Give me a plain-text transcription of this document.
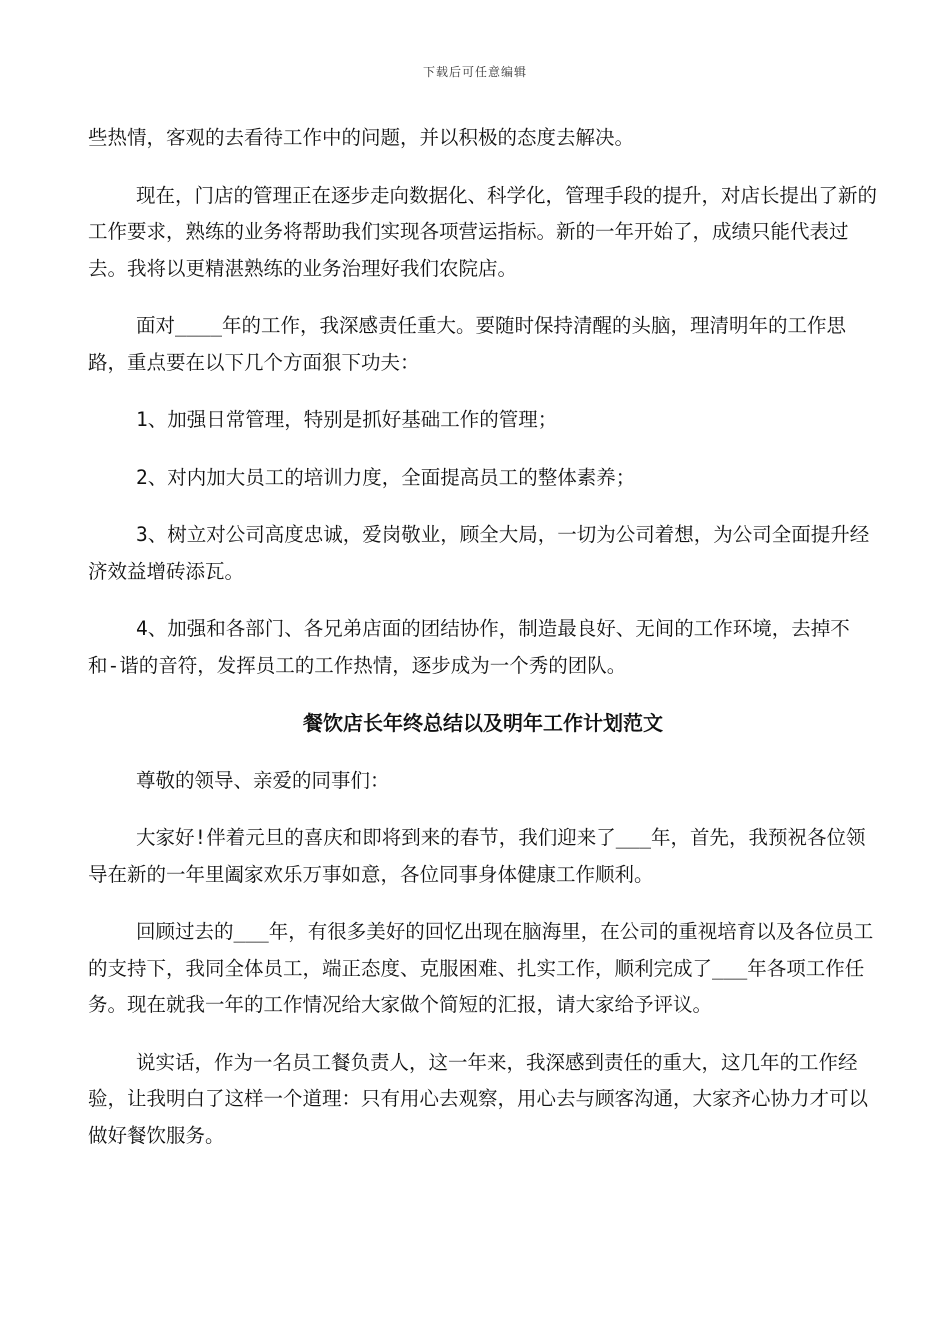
下载后可任意编辑

些热情，客观的去看待工作中的问题，并以积极的态度去解决。

现在，门店的管理正在逐步走向数据化、科学化，管理手段的提升，对店长提出了新的工作要求，熟练的业务将帮助我们实现各项营运指标。新的一年开始了，成绩只能代表过去。我将以更精湛熟练的业务治理好我们农院店。

面对____年的工作，我深感责任重大。要随时保持清醒的头脑，理清明年的工作思路，重点要在以下几个方面狠下功夫：

1、加强日常管理，特别是抓好基础工作的管理；

2、对内加大员工的培训力度，全面提高员工的整体素养；

3、树立对公司高度忠诚，爱岗敬业，顾全大局，一切为公司着想，为公司全面提升经济效益增砖添瓦。

4、加强和各部门、各兄弟店面的团结协作，制造最良好、无间的工作环境，去掉不和-谐的音符，发挥员工的工作热情，逐步成为一个秀的团队。

餐饮店长年终总结以及明年工作计划范文

尊敬的领导、亲爱的同事们：

大家好!伴着元旦的喜庆和即将到来的春节，我们迎来了___年，首先，我预祝各位领导在新的一年里阖家欢乐万事如意，各位同事身体健康工作顺利。

回顾过去的___年，有很多美好的回忆出现在脑海里，在公司的重视培育以及各位员工的支持下，我同全体员工，端正态度、克服困难、扎实工作，顺利完成了___年各项工作任务。现在就我一年的工作情况给大家做个简短的汇报，请大家给予评议。

说实话，作为一名员工餐负责人，这一年来，我深感到责任的重大，这几年的工作经验，让我明白了这样一个道理：只有用心去观察，用心去与顾客沟通，大家齐心协力才可以做好餐饮服务。
